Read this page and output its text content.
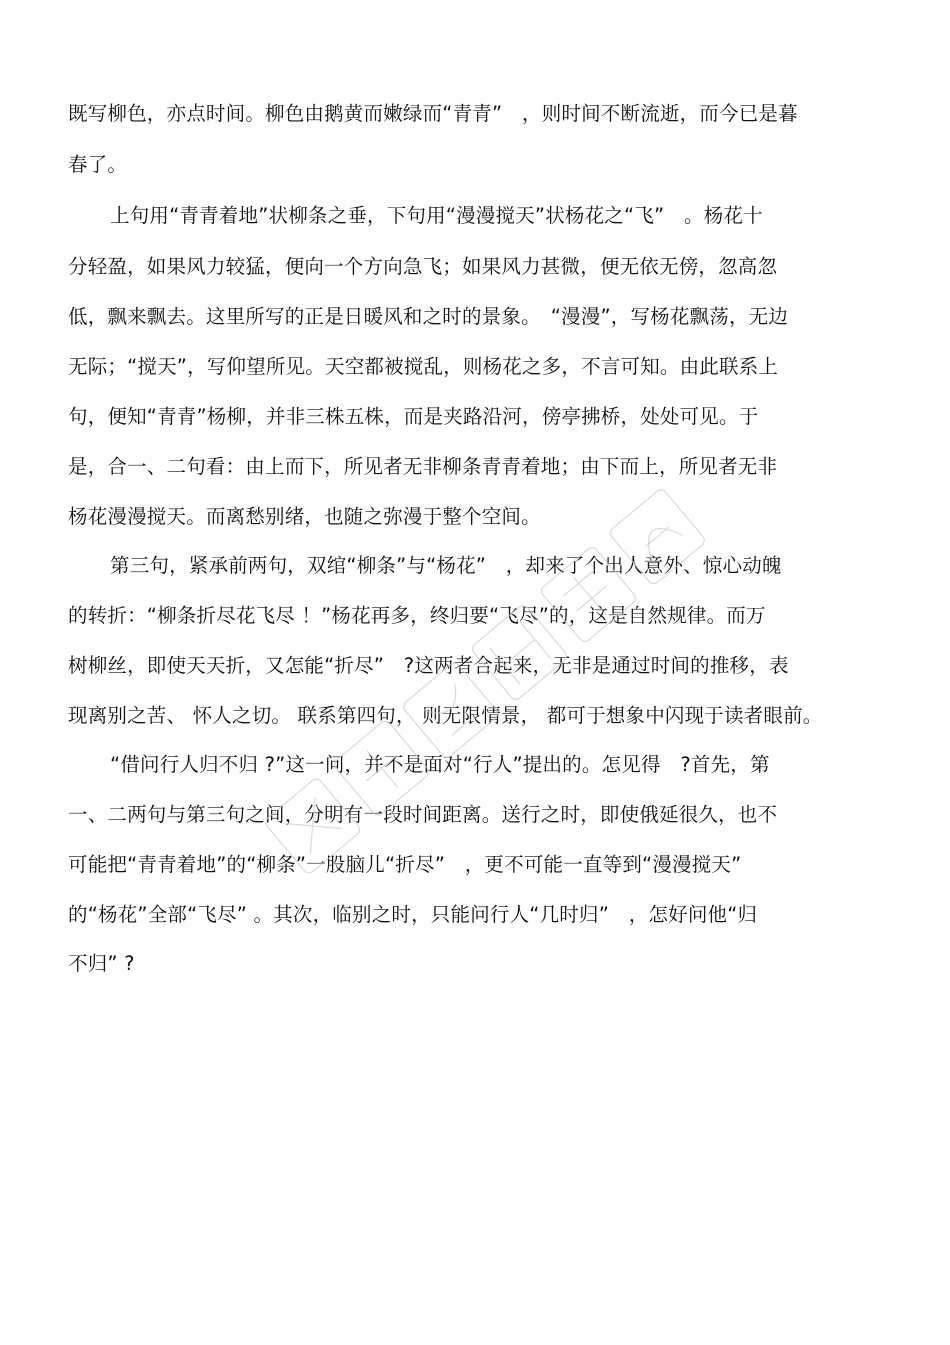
既写柳色，亦点时间。柳色由鹅黄而嫩绿而“青青”　，则时间不断流逝，而今已是暮
春了。
上句用“青青着地”状柳条之垂，下句用“漫漫搅天”状杨花之“飞”　。杨花十
分轻盈，如果风力较猛，便向一个方向急飞；如果风力甚微，便无依无傍，忽高忽
低，飘来飘去。这里所写的正是日暖风和之时的景象。　“漫漫”，写杨花飘荡，无边
无际；“搅天”，写仰望所见。天空都被搅乱，则杨花之多，不言可知。由此联系上
句，便知“青青”杨柳，并非三株五株，而是夹路沿河，傍亭拂桥，处处可见。于
是，合一、二句看：由上而下，所见者无非柳条青青着地；由下而上，所见者无非
杨花漫漫搅天。而离愁别绪，也随之弥漫于整个空间。
第三句，紧承前两句，双绾“柳条”与“杨花”　，却来了个出人意外、惊心动魄
的转折：“柳条折尽花飞尽 ！”杨花再多，终归要“飞尽”的，这是自然规律。而万
树柳丝，即使天天折，又怎能“折尽”　?这两者合起来，无非是通过时间的推移，表
现离别之苦、 怀人之切。 联系第四句， 则无限情景， 都可于想象中闪现于读者眼前。
“借问行人归不归 ?”这一问，并不是面对“行人”提出的。怎见得　?首先，第
一、二两句与第三句之间，分明有一段时间距离。送行之时，即使俄延很久，也不
可能把“青青着地”的“柳条”一股脑儿“折尽”　，更不可能一直等到“漫漫搅天”
的“杨花”全部“飞尽” 。其次，临别之时，只能问行人“几时归”　，怎好问他“归
不归” ?
